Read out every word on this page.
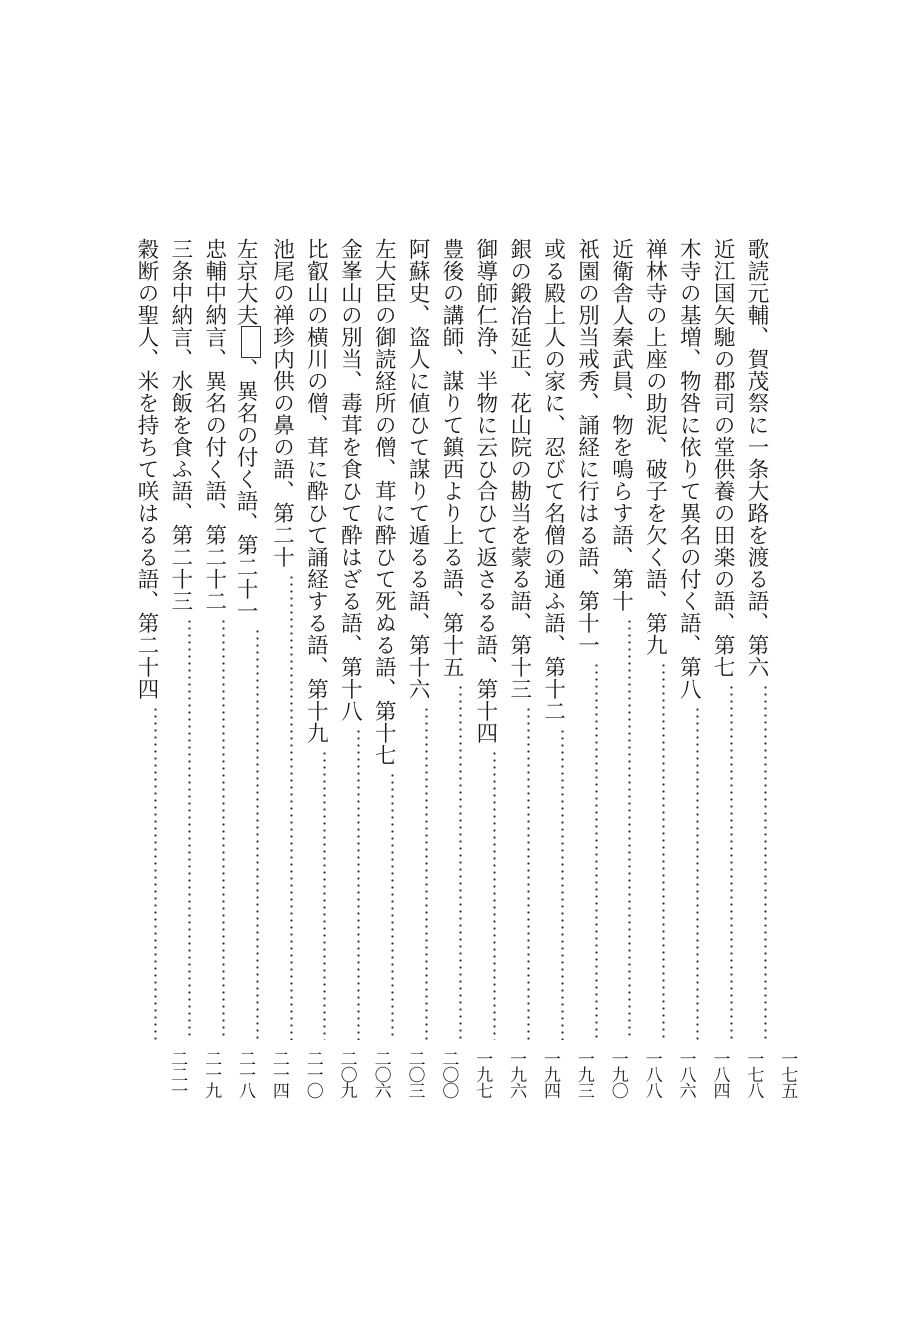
歌読元輔、賀茂祭に一条大路を渡る語、第六
一七五
近江国矢馳の郡司の堂供養の田楽の語、第七
一七八
木寺の基増、物咎に依りて異名の付く語、第八
一八四
禅林寺の上座の助泥、破子を欠く語、第九
一八六
近衛舎人秦武員、物を鳴らす語、第十
一八八
祇園の別当戒秀、誦経に行はる語、第十一
一九〇
或る殿上人の家に、忍びて名僧の通ふ語、第十二
一九三
銀の鍛冶延正、花山院の勘当を蒙る語、第十三
一九四
御導師仁浄、半物に云ひ合ひて返さるる語、第十四
一九六
豊後の講師、謀りて鎮西より上る語、第十五
一九七
阿蘇史、盗人に値ひて謀りて遁るる語、第十六
二〇〇
左大臣の御読経所の僧、茸に酔ひて死ぬる語、第十七
二〇三
金峯山の別当、毒茸を食ひて酔はざる語、第十八
二〇六
比叡山の横川の僧、茸に酔ひて誦経する語、第十九
二〇九
池尾の禅珍内供の鼻の語、第二十
二一〇
左京大夫、異名の付く語、第二十一
二一四
忠輔中納言、異名の付く語、第二十二
二一八
三条中納言、水飯を食ふ語、第二十三
二一九
穀断の聖人、米を持ちて咲はるる語、第二十四
二二一
